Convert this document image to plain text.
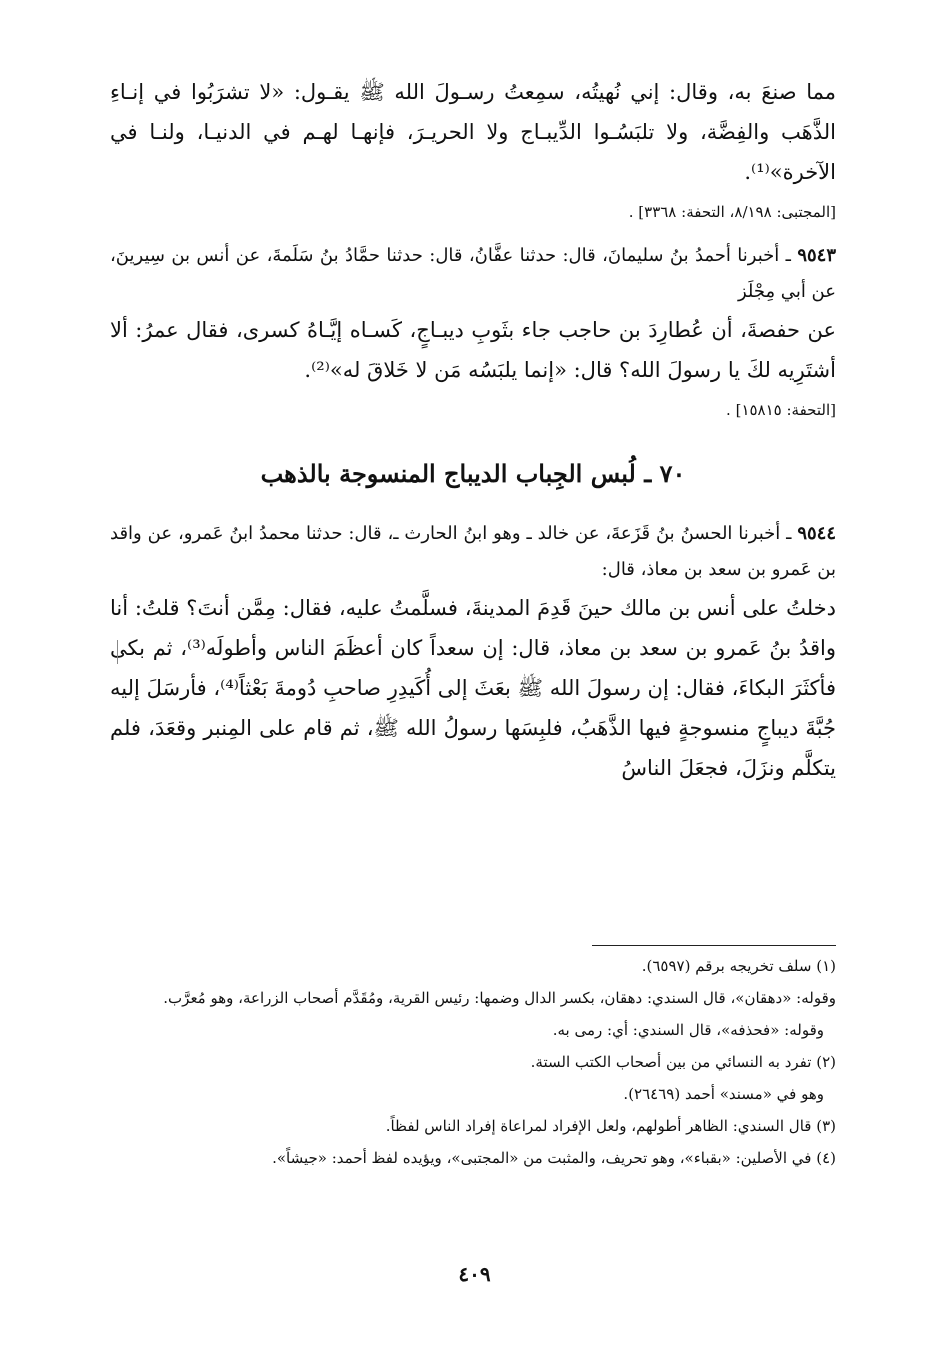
مما صنعَ به، وقال: إني نُهيتُه، سمِعتُ رسـولَ الله ﷺ يقـول: «لا تشرَبُوا في إنـاءِ الذَّهَب والفِضَّة، ولا تلبَسُـوا الدِّيبـاج ولا الحريـرَ، فإنهـا لهـم في الدنيـا، ولنـا في الآخرة»⁽¹⁾.

[المجتبى: ٨/١٩٨، التحفة: ٣٣٦٨] .

٩٥٤٣ ـ أخبرنا أحمدُ بنُ سليمانَ، قال: حدثنا عفَّانُ، قال: حدثنا حمَّادُ بنُ سَلَمةَ، عن أنس بن سِيرينَ، عن أبي مِجْلَز

عن حفصةَ، أن عُطارِدَ بن حاجب جاء بثَوبِ ديبـاجٍ، كَسـاه إيَّـاهُ كسرى، فقال عمرُ: ألا أشتَرِيه لكَ يا رسولَ الله؟ قال: «إنما يلبَسُه مَن لا خَلاقَ له»⁽²⁾.

[التحفة: ١٥٨١٥] .

٧٠ ـ لُبس الجِباب الديباج المنسوجة بالذهب

٩٥٤٤ ـ أخبرنا الحسنُ بنُ قَزَعةَ، عن خالد ـ وهو ابنُ الحارث ـ، قال: حدثنا محمدُ ابنُ عَمرو، عن واقد بن عَمرو بن سعد بن معاذ، قال:

دخلتُ على أنس بن مالك حينَ قَدِمَ المدينةَ، فسلَّمتُ عليه، فقال: مِمَّن أنتَ؟ قلتُ: أنا واقدُ بنُ عَمرو بن سعد بن معاذ، قال: إن سعداً كان أعظَمَ الناس وأطولَه⁽³⁾، ثم بكى فأكثَرَ البكاءَ، فقال: إن رسولَ الله ﷺ بعَثَ إلى أُكَيدِرِ صاحبِ دُومةَ بَعْثاً⁽⁴⁾، فأرسَلَ إليه جُبَّةَ ديباجٍ منسوجةٍ فيها الذَّهَبُ، فلبِسَها رسولُ الله ﷺ، ثم قام على المِنبر وقعَدَ، فلم يتكلَّم ونزَلَ، فجعَلَ الناسُ

(١) سلف تخريجه برقم (٦٥٩٧).

وقوله: «دهقان»، قال السندي: دهقان، بكسر الدال وضمها: رئيس القرية، ومُقَدَّم أصحاب الزراعة، وهو مُعرَّب.

وقوله: «فحذفه»، قال السندي: أي: رمى به.

(٢) تفرد به النسائي من بين أصحاب الكتب الستة.

وهو في «مسند» أحمد (٢٦٤٦٩).

(٣) قال السندي: الظاهر أطولهم، ولعل الإفراد لمراعاة إفراد الناس لفظاً.

(٤) في الأصلين: «بقباء»، وهو تحريف، والمثبت من «المجتبى»، ويؤيده لفظ أحمد: «جيشاً».

٤٠٩
